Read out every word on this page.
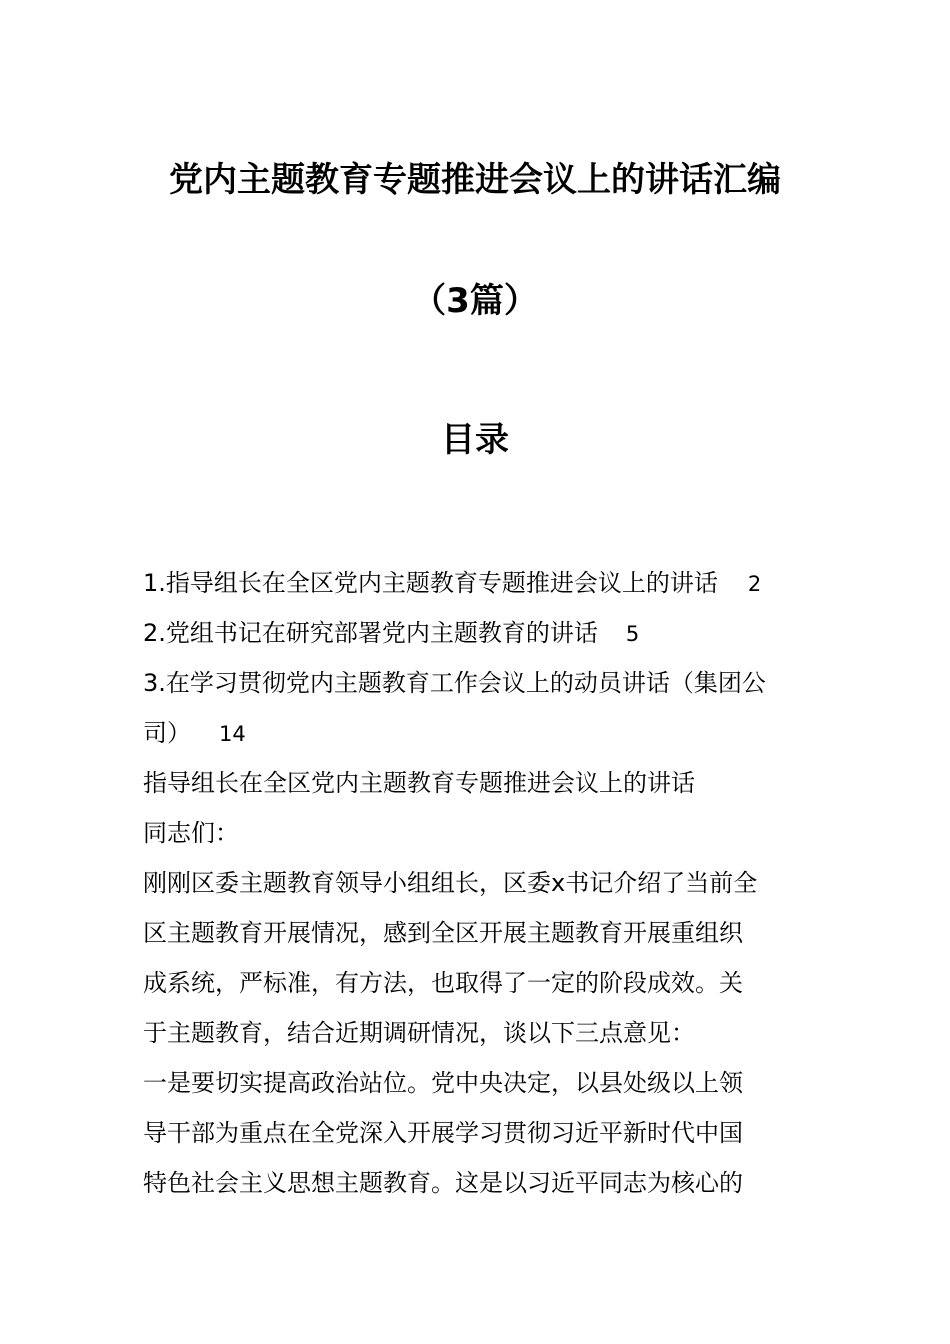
党内主题教育专题推进会议上的讲话汇编
（3篇）
目录
1.指导组长在全区党内主题教育专题推进会议上的讲话 2
2.党组书记在研究部署党内主题教育的讲话 5
3.在学习贯彻党内主题教育工作会议上的动员讲话（集团公
司） 14
指导组长在全区党内主题教育专题推进会议上的讲话
同志们：
刚刚区委主题教育领导小组组长，区委x书记介绍了当前全
区主题教育开展情况，感到全区开展主题教育开展重组织
成系统，严标准，有方法，也取得了一定的阶段成效。关
于主题教育，结合近期调研情况，谈以下三点意见：
一是要切实提高政治站位。党中央决定，以县处级以上领
导干部为重点在全党深入开展学习贯彻习近平新时代中国
特色社会主义思想主题教育。这是以习近平同志为核心的
